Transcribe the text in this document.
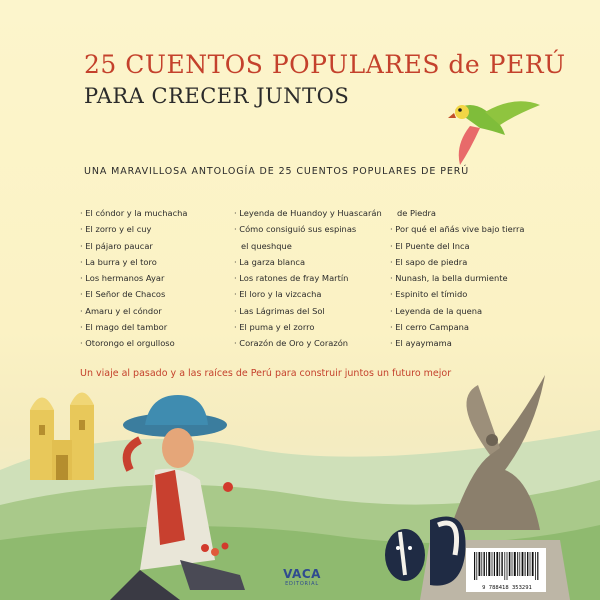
25 CUENTOS POPULARES de PERÚ
PARA CRECER JUNTOS
UNA MARAVILLOSA ANTOLOGÍA DE 25 CUENTOS POPULARES DE PERÚ
· El cóndor y la muchacha
· El zorro y el cuy
· El pájaro paucar
· La burra y el toro
· Los hermanos Ayar
· El Señor de Chacos
· Amaru y el cóndor
· El mago del tambor
· Otorongo el orgulloso
· Leyenda de Huandoy y Huascarán
· Cómo consiguió sus espinas
el queshque
· La garza blanca
· Los ratones de fray Martín
· El loro y la vizcacha
· Las Lágrimas del Sol
· El puma y el zorro
· Corazón de Oro y Corazón
de Piedra
· Por qué el añás vive bajo tierra
· El Puente del Inca
· El sapo de piedra
· Nunash, la bella durmiente
· Espinito el tímido
· Leyenda de la quena
· El cerro Campana
· El ayaymama
Un viaje al pasado y a las raíces de Perú para construir juntos un futuro mejor
VACA
EDITORIAL
9 788418 353291
